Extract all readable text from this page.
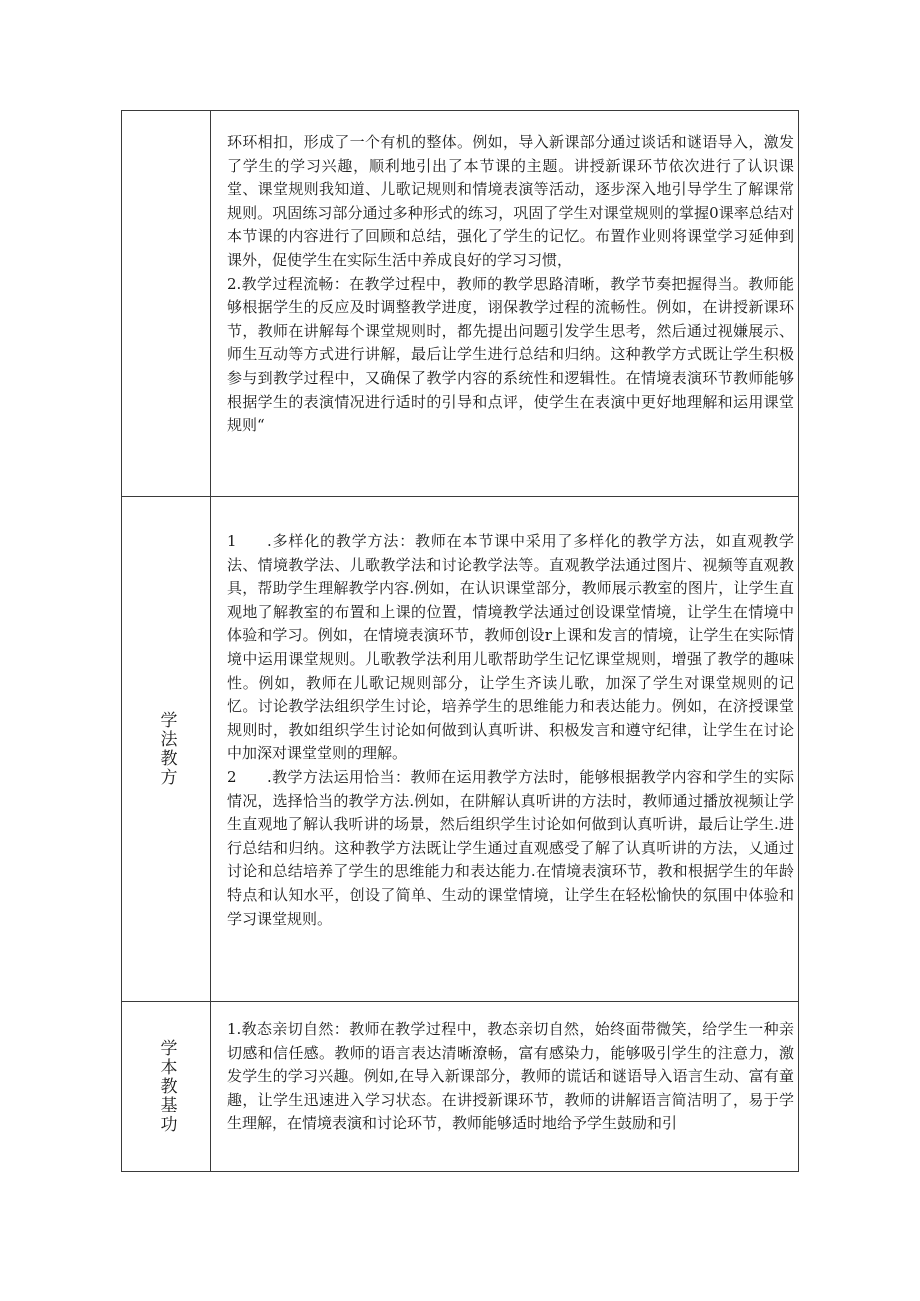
环环相扣，形成了一个有机的整体。例如，导入新课部分通过谈话和谜语导入，激发了学生的学习兴趣，顺利地引出了本节课的主题。讲授新课环节依次进行了认识课堂、课堂规则我知道、儿歌记规则和情境表演等活动，逐步深入地引导学生了解课常规则。巩固练习部分通过多种形式的练习，巩固了学生对课堂规则的掌握0课率总结对本节课的内容进行了回顾和总结，强化了学生的记忆。布置作业则将课堂学习延伸到课外，促使学生在实际生活中养成良好的学习习惯，

2.教学过程流畅：在教学过程中，教师的教学思路清晰，教学节奏把握得当。教师能够根据学生的反应及时调整教学进度，诩保教学过程的流畅性。例如，在讲授新课环节，教师在讲解每个课堂规则时，都先提出问题引发学生思考，然后通过视嫌展示、师生互动等方式进行讲解，最后让学生进行总结和归纳。这种教学方式既让学生积极参与到教学过程中，又确保了教学内容的系统性和逻辑性。在情境表演环节教师能够根据学生的表演情况进行适时的引导和点评，使学生在表演中更好地理解和运用课堂规则“

学法教方

1 .多样化的教学方法：教师在本节课中采用了多样化的教学方法，如直观教学法、情境教学法、儿歌教学法和讨论教学法等。直观教学法通过图片、视频等直观教具，帮助学生理解教学内容.例如，在认识课堂部分，教师展示教室的图片，让学生直观地了解教室的布置和上课的位置，情境教学法通过创设课堂情境，让学生在情境中体验和学习。例如，在情境表演环节，教师创设r上课和发言的情境，让学生在实际情境中运用课堂规则。儿歌教学法利用儿歌帮助学生记忆课堂规则，增强了教学的趣味性。例如，教师在儿歌记规则部分，让学生齐读儿歌，加深了学生对课堂规则的记忆。讨论教学法组织学生讨论，培养学生的思维能力和表达能力。例如，在济授课堂规则时，教如组织学生讨论如何做到认真听讲、积极发言和遵守纪律，让学生在讨论中加深对课堂堂则的理解。

2 .教学方法运用恰当：教师在运用教学方法时，能够根据教学内容和学生的实际情况，选择恰当的教学方法.例如，在阱解认真听讲的方法时，教师通过播放视频让学生直观地了解认我听讲的场景，然后组织学生讨论如何做到认真听讲，最后让学生.进行总结和归纳。这种教学方法既让学生通过直观感受了解了认真听讲的方法，乂通过讨论和总结培养了学生的思维能力和表达能力.在情境表演环节，教和根据学生的年龄特点和认知水平，创设了简单、生动的课堂情境，让学生在轻松愉快的氛围中体验和学习课堂规则。

学本教基功

1.敎态亲切自然：教师在教学过程中，教态亲切自然，始终面带微笑，给学生一种亲切感和信任感。教师的语言表达清晰潦畅，富有感染力，能够吸引学生的注意力，激发学生的学习兴趣。例如,在导入新课部分，教师的谎话和谜语导入语言生动、富有童趣，让学生迅速进入学习状态。在讲授新课环节，教师的讲解语言简洁明了，易于学生理解，在情境表演和讨论环节，教师能够适时地给予学生鼓励和引
